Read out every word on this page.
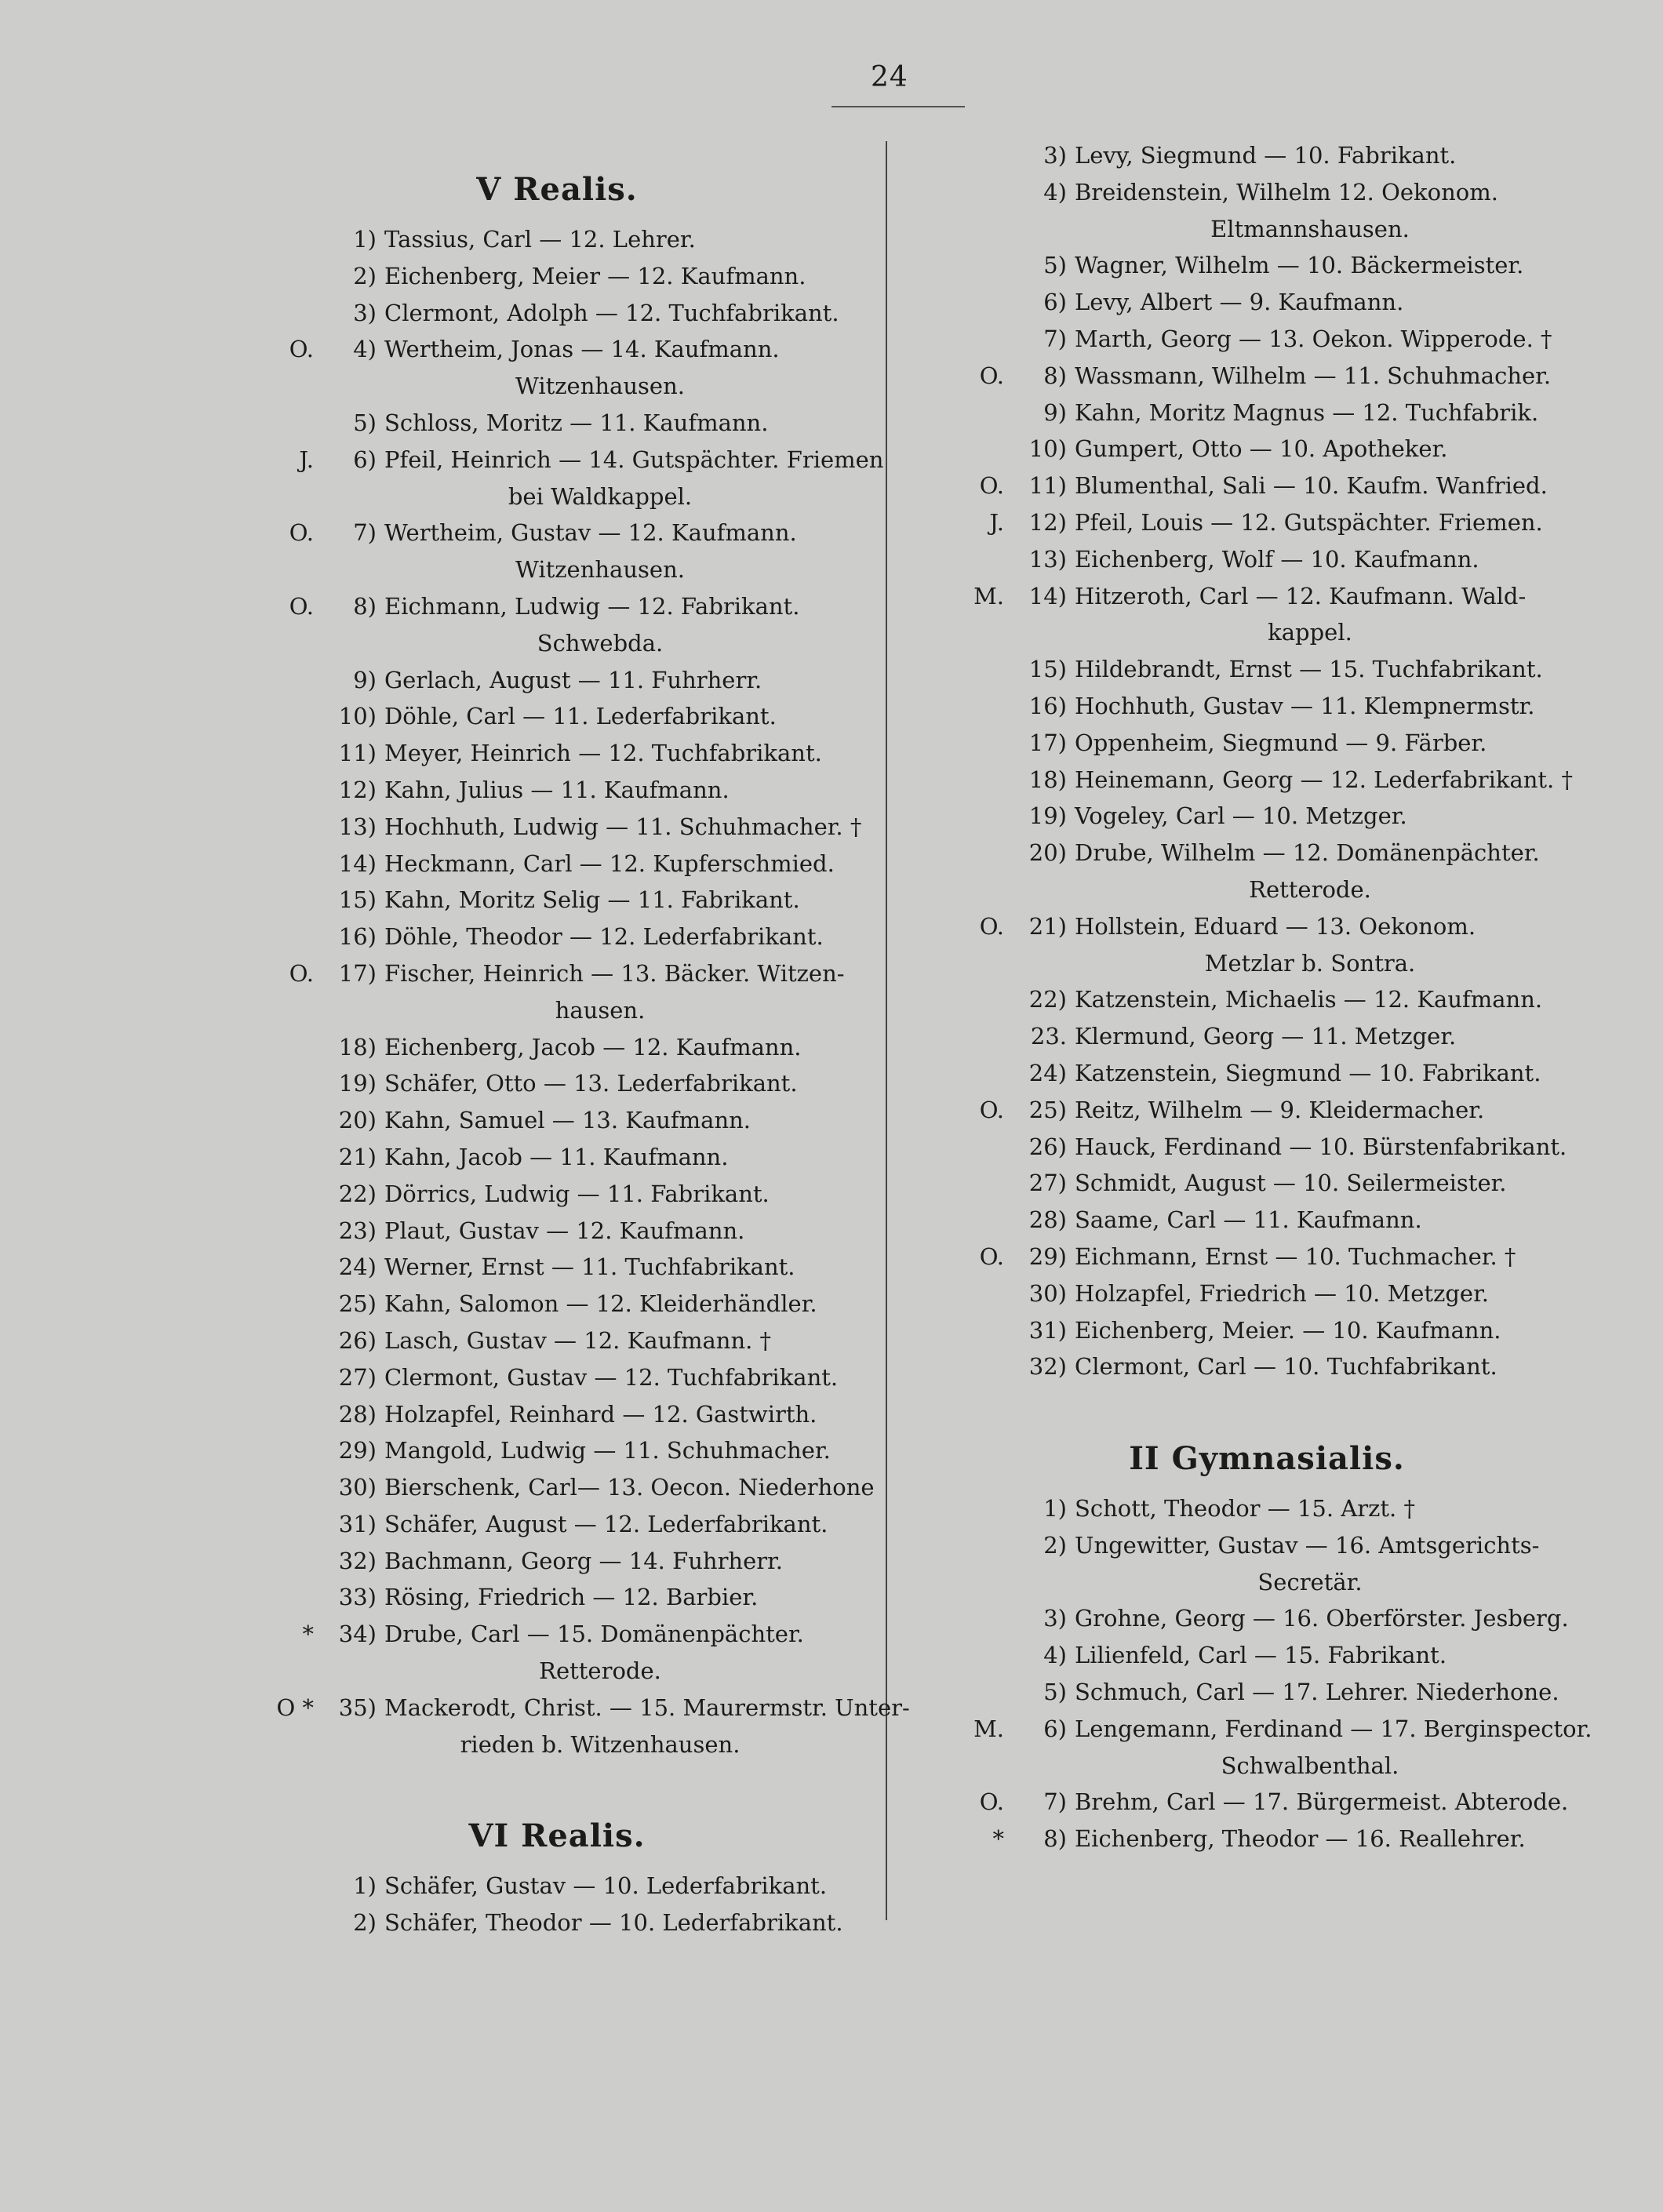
24
V Realis.
1) Tassius, Carl — 12. Lehrer.
2) Eichenberg, Meier — 12. Kaufmann.
3) Clermont, Adolph — 12. Tuchfabrikant.
O.	4) Wertheim, Jonas — 14. Kaufmann.
Witzenhausen.
5) Schloss, Moritz — 11. Kaufmann.
J.	6) Pfeil, Heinrich — 14. Gutspächter. Friemen
bei Waldkappel.
O.	7) Wertheim, Gustav — 12. Kaufmann.
Witzenhausen.
O.	8) Eichmann, Ludwig — 12. Fabrikant.
Schwebda.
9) Gerlach, August — 11. Fuhrherr.
10) Döhle, Carl — 11. Lederfabrikant.
11) Meyer, Heinrich — 12. Tuchfabrikant.
12) Kahn, Julius — 11. Kaufmann.
13) Hochhuth, Ludwig — 11. Schuhmacher. †
14) Heckmann, Carl — 12. Kupferschmied.
15) Kahn, Moritz Selig — 11. Fabrikant.
16) Döhle, Theodor — 12. Lederfabrikant.
O.	17) Fischer, Heinrich — 13. Bäcker. Witzen-
hausen.
18) Eichenberg, Jacob — 12. Kaufmann.
19) Schäfer, Otto — 13. Lederfabrikant.
20) Kahn, Samuel — 13. Kaufmann.
21) Kahn, Jacob — 11. Kaufmann.
22) Dörrics, Ludwig — 11. Fabrikant.
23) Plaut, Gustav — 12. Kaufmann.
24) Werner, Ernst — 11. Tuchfabrikant.
25) Kahn, Salomon — 12. Kleiderhändler.
26) Lasch, Gustav — 12. Kaufmann. †
27) Clermont, Gustav — 12. Tuchfabrikant.
28) Holzapfel, Reinhard — 12. Gastwirth.
29) Mangold, Ludwig — 11. Schuhmacher.
30) Bierschenk, Carl— 13. Oecon. Niederhone
31) Schäfer, August — 12. Lederfabrikant.
32) Bachmann, Georg — 14. Fuhrherr.
33) Rösing, Friedrich — 12. Barbier.
*	34) Drube, Carl — 15. Domänenpächter.
Retterode.
O *	35) Mackerodt, Christ. — 15. Maurermstr. Unter-
rieden b. Witzenhausen.
VI Realis.
1) Schäfer, Gustav — 10. Lederfabrikant.
2) Schäfer, Theodor — 10. Lederfabrikant.
3) Levy, Siegmund — 10. Fabrikant.
4) Breidenstein, Wilhelm 12. Oekonom.
Eltmannshausen.
5) Wagner, Wilhelm — 10. Bäckermeister.
6) Levy, Albert — 9. Kaufmann.
7) Marth, Georg — 13. Oekon. Wipperode. †
O.	8) Wassmann, Wilhelm — 11. Schuhmacher.
9) Kahn, Moritz Magnus — 12. Tuchfabrik.
10) Gumpert, Otto — 10. Apotheker.
O.	11) Blumenthal, Sali — 10. Kaufm. Wanfried.
J.	12) Pfeil, Louis — 12. Gutspächter. Friemen.
13) Eichenberg, Wolf — 10. Kaufmann.
M.	14) Hitzeroth, Carl — 12. Kaufmann. Wald-
kappel.
15) Hildebrandt, Ernst — 15. Tuchfabrikant.
16) Hochhuth, Gustav — 11. Klempnermstr.
17) Oppenheim, Siegmund — 9. Färber.
18) Heinemann, Georg — 12. Lederfabrikant. †
19) Vogeley, Carl — 10. Metzger.
20) Drube, Wilhelm — 12. Domänenpächter.
Retterode.
O.	21) Hollstein, Eduard — 13. Oekonom.
Metzlar b. Sontra.
22) Katzenstein, Michaelis — 12. Kaufmann.
23. Klermund, Georg — 11. Metzger.
24) Katzenstein, Siegmund — 10. Fabrikant.
O.	25) Reitz, Wilhelm — 9. Kleidermacher.
26) Hauck, Ferdinand — 10. Bürstenfabrikant.
27) Schmidt, August — 10. Seilermeister.
28) Saame, Carl — 11. Kaufmann.
O.	29) Eichmann, Ernst — 10. Tuchmacher. †
30) Holzapfel, Friedrich — 10. Metzger.
31) Eichenberg, Meier. — 10. Kaufmann.
32) Clermont, Carl — 10. Tuchfabrikant.
II Gymnasialis.
1) Schott, Theodor — 15. Arzt. †
2) Ungewitter, Gustav — 16. Amtsgerichts-
Secretär.
3) Grohne, Georg — 16. Oberförster. Jesberg.
4) Lilienfeld, Carl — 15. Fabrikant.
5) Schmuch, Carl — 17. Lehrer. Niederhone.
M.	6) Lengemann, Ferdinand — 17. Berginspector.
Schwalbenthal.
O.	7) Brehm, Carl — 17. Bürgermeist. Abterode.
*	8) Eichenberg, Theodor — 16. Reallehrer.
